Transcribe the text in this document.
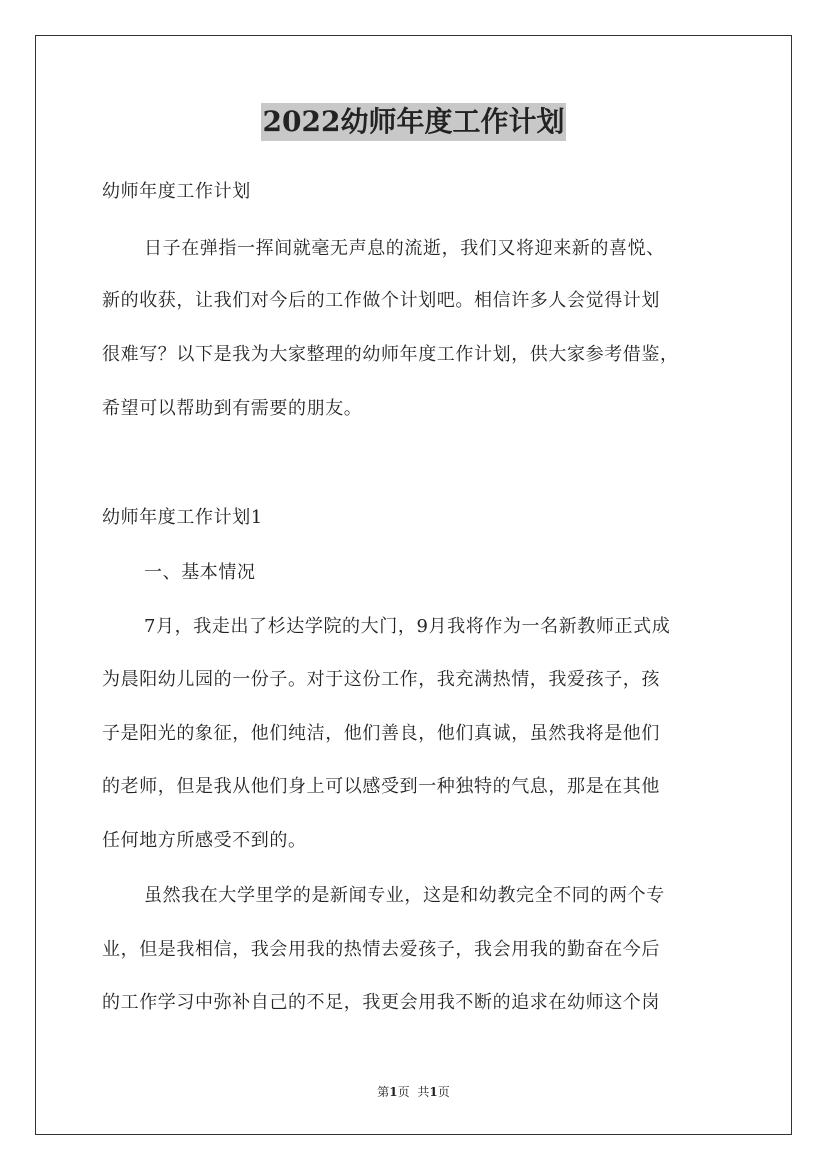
2022幼师年度工作计划
幼师年度工作计划
日子在弹指一挥间就毫无声息的流逝，我们又将迎来新的喜悦、
新的收获，让我们对今后的工作做个计划吧。相信许多人会觉得计划
很难写？以下是我为大家整理的幼师年度工作计划，供大家参考借鉴，
希望可以帮助到有需要的朋友。
幼师年度工作计划1
一、基本情况
7月，我走出了杉达学院的大门，9月我将作为一名新教师正式成
为晨阳幼儿园的一份子。对于这份工作，我充满热情，我爱孩子，孩
子是阳光的象征，他们纯洁，他们善良，他们真诚，虽然我将是他们
的老师，但是我从他们身上可以感受到一种独特的气息，那是在其他
任何地方所感受不到的。
虽然我在大学里学的是新闻专业，这是和幼教完全不同的两个专
业，但是我相信，我会用我的热情去爱孩子，我会用我的勤奋在今后
的工作学习中弥补自己的不足，我更会用我不断的追求在幼师这个岗
第1页 共1页
